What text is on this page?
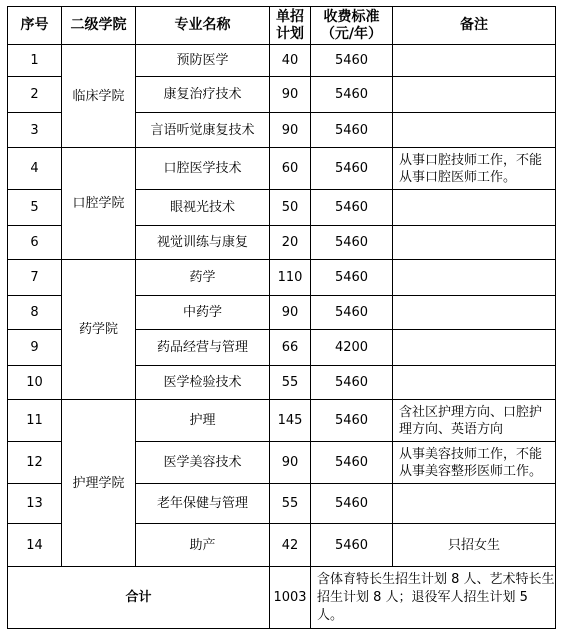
序号	二级学院	专业名称	单招计划	收费标准（元/年）	备注
1	临床学院	预防医学	40	5460	
2		康复治疗技术	90	5460	
3		言语听觉康复技术	90	5460	
4	口腔学院	口腔医学技术	60	5460	从事口腔技师工作，不能从事口腔医师工作。
5		眼视光技术	50	5460	
6		视觉训练与康复	20	5460	
7	药学院	药学	110	5460	
8		中药学	90	5460	
9		药品经营与管理	66	4200	
10		医学检验技术	55	5460	
11	护理学院	护理	145	5460	含社区护理方向、口腔护理方向、英语方向
12		医学美容技术	90	5460	从事美容技师工作，不能从事美容整形医师工作。
13		老年保健与管理	55	5460	
14		助产	42	5460	只招女生
合计			1003	含体育特长生招生计划 8 人、艺术特长生招生计划 8 人；退役军人招生计划 5 人。	
